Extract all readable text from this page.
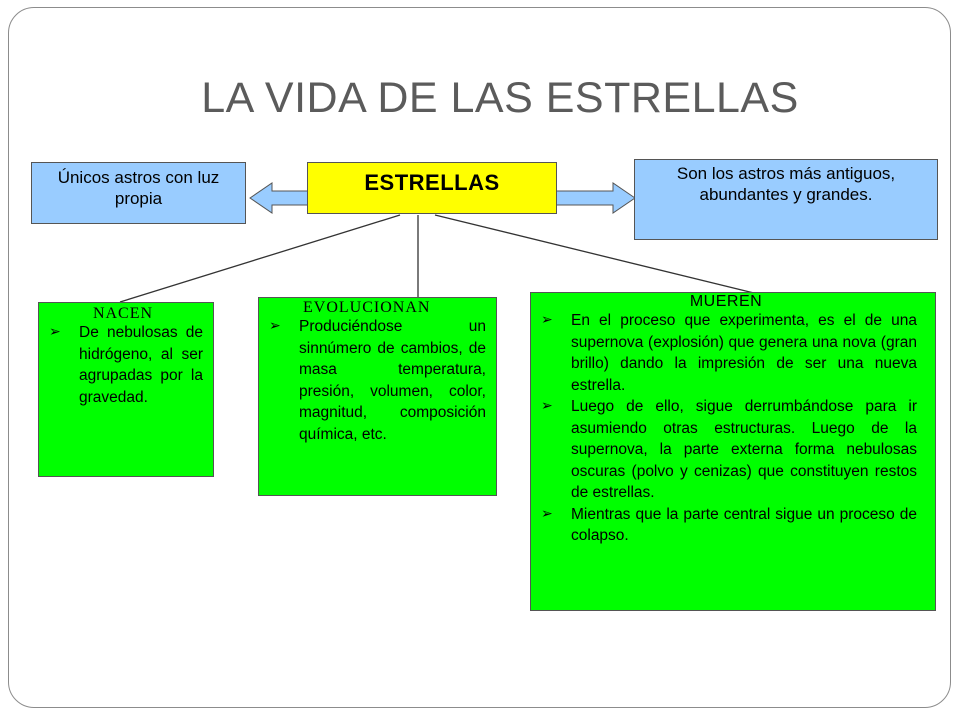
LA VIDA DE LAS ESTRELLAS
Únicos astros con luz propia
ESTRELLAS	Son los astros más antiguos, abundantes y grandes.
NACEN
➢ De nebulosas de hidrógeno, al ser agrupadas por la gravedad.
EVOLUCIONAN
➢ Produciéndose un sinnúmero de cambios, de masa temperatura, presión, volumen, color, magnitud, composición química, etc.
MUEREN
➢ En el proceso que experimenta, es el de una supernova (explosión) que genera una nova (gran brillo) dando la impresión de ser una nueva estrella.
➢ Luego de ello, sigue derrumbándose para ir asumiendo otras estructuras. Luego de la supernova, la parte externa forma nebulosas oscuras (polvo y cenizas) que constituyen restos de estrellas.
➢ Mientras que la parte central sigue un proceso de colapso.
